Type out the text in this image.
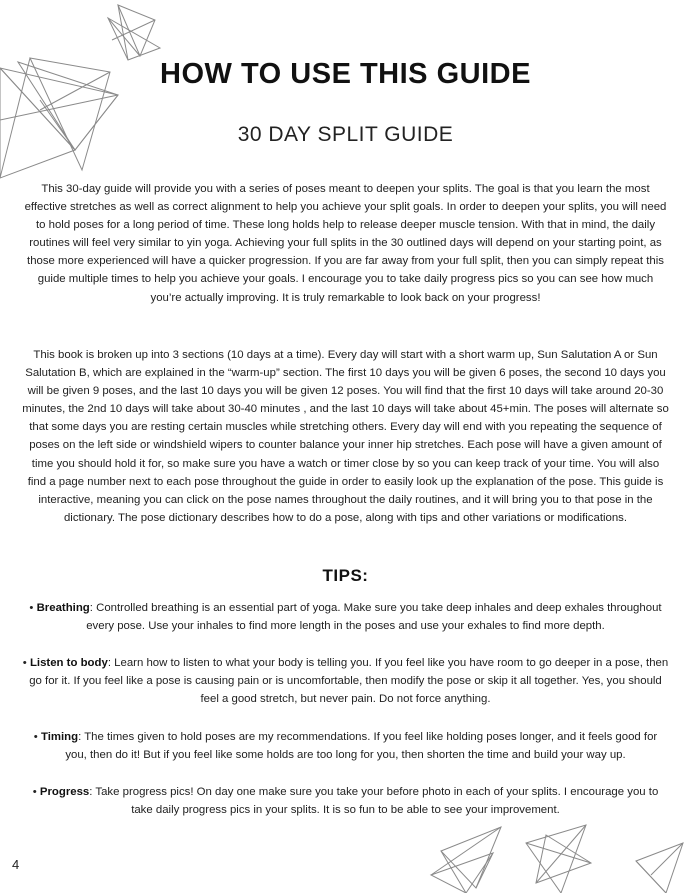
HOW TO USE THIS GUIDE
30 DAY SPLIT GUIDE

This 30-day guide will provide you with a series of poses meant to deepen your splits. The goal is that you learn the most effective stretches as well as correct alignment to help you achieve your split goals. In order to deepen your splits, you will need to hold poses for a long period of time. These long holds help to release deeper muscle tension. With that in mind, the daily routines will feel very similar to yin yoga. Achieving your full splits in the 30 outlined days will depend on your starting point, as those more experienced will have a quicker progression. If you are far away from your full split, then you can simply repeat this guide multiple times to help you achieve your goals. I encourage you to take daily progress pics so you can see how much you’re actually improving. It is truly remarkable to look back on your progress!

This book is broken up into 3 sections (10 days at a time). Every day will start with a short warm up, Sun Salutation A or Sun Salutation B, which are explained in the “warm-up” section. The first 10 days you will be given 6 poses, the second 10 days you will be given 9 poses, and the last 10 days you will be given 12 poses. You will find that the first 10 days will take around 20-30 minutes, the 2nd 10 days will take about 30-40 minutes , and the last 10 days will take about 45+min. The poses will alternate so that some days you are resting certain muscles while stretching others. Every day will end with you repeating the sequence of poses on the left side or windshield wipers to counter balance your inner hip stretches. Each pose will have a given amount of time you should hold it for, so make sure you have a watch or timer close by so you can keep track of your time. You will also find a page number next to each pose throughout the guide in order to easily look up the explanation of the pose. This guide is interactive, meaning you can click on the pose names throughout the daily routines, and it will bring you to that pose in the dictionary. The pose dictionary describes how to do a pose, along with tips and other variations or modifications.

TIPS:

• Breathing: Controlled breathing is an essential part of yoga. Make sure you take deep inhales and deep exhales throughout every pose. Use your inhales to find more length in the poses and use your exhales to find more depth.

• Listen to body: Learn how to listen to what your body is telling you. If you feel like you have room to go deeper in a pose, then go for it. If you feel like a pose is causing pain or is uncomfortable, then modify the pose or skip it all together. Yes, you should feel a good stretch, but never pain. Do not force anything.

• Timing: The times given to hold poses are my recommendations. If you feel like holding poses longer, and it feels good for you, then do it! But if you feel like some holds are too long for you, then shorten the time and build your way up.

• Progress: Take progress pics! On day one make sure you take your before photo in each of your splits. I encourage you to take daily progress pics in your splits. It is so fun to be able to see your improvement.

4
